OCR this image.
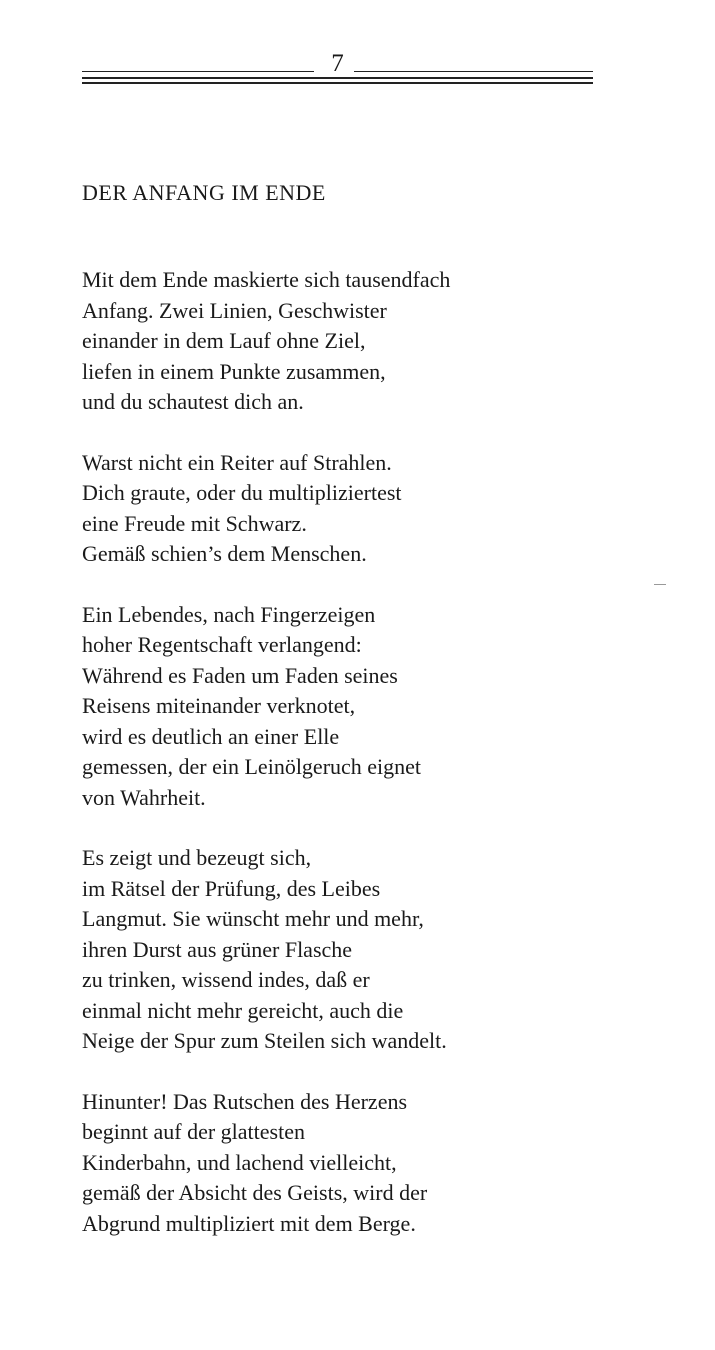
7
DER ANFANG IM ENDE

Mit dem Ende maskierte sich tausendfach
Anfang. Zwei Linien, Geschwister
einander in dem Lauf ohne Ziel,
liefen in einem Punkte zusammen,
und du schautest dich an.

Warst nicht ein Reiter auf Strahlen.
Dich graute, oder du multipliziertest
eine Freude mit Schwarz.
Gemäß schien’s dem Menschen.

Ein Lebendes, nach Fingerzeigen
hoher Regentschaft verlangend:
Während es Faden um Faden seines
Reisens miteinander verknotet,
wird es deutlich an einer Elle
gemessen, der ein Leinölgeruch eignet
von Wahrheit.

Es zeigt und bezeugt sich,
im Rätsel der Prüfung, des Leibes
Langmut. Sie wünscht mehr und mehr,
ihren Durst aus grüner Flasche
zu trinken, wissend indes, daß er
einmal nicht mehr gereicht, auch die
Neige der Spur zum Steilen sich wandelt.

Hinunter! Das Rutschen des Herzens
beginnt auf der glattesten
Kinderbahn, und lachend vielleicht,
gemäß der Absicht des Geists, wird der
Abgrund multipliziert mit dem Berge.
